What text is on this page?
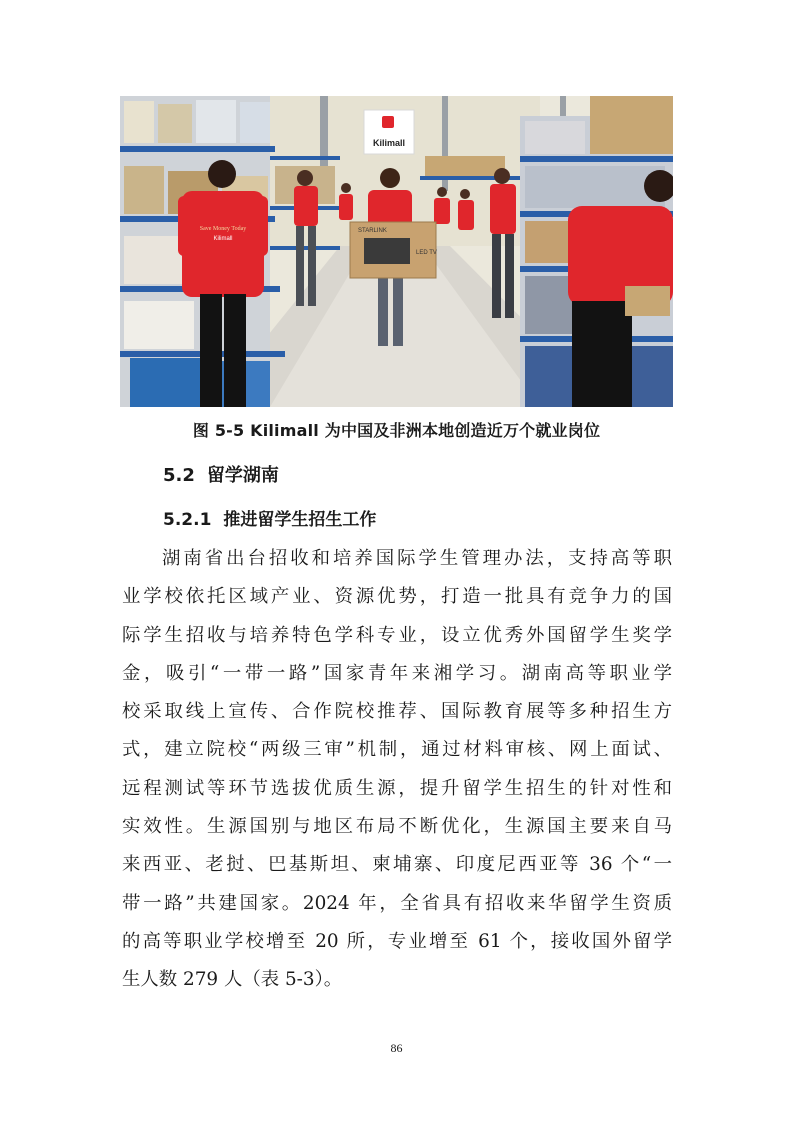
Kilimall
STARLINK
LED TV
Save Money Today
Kilimall
图 5-5 Kilimall 为中国及非洲本地创造近万个就业岗位
5.2 留学湖南
5.2.1 推进留学生招生工作
湖南省出台招收和培养国际学生管理办法，支持高等职
业学校依托区域产业、资源优势，打造一批具有竞争力的国
际学生招收与培养特色学科专业，设立优秀外国留学生奖学
金，吸引“一带一路”国家青年来湘学习。湖南高等职业学
校采取线上宣传、合作院校推荐、国际教育展等多种招生方
式，建立院校“两级三审”机制，通过材料审核、网上面试、
远程测试等环节选拔优质生源，提升留学生招生的针对性和
实效性。生源国别与地区布局不断优化，生源国主要来自马
来西亚、老挝、巴基斯坦、柬埔寨、印度尼西亚等 36 个“一
带一路”共建国家。2024 年，全省具有招收来华留学生资质
的高等职业学校增至 20 所，专业增至 61 个，接收国外留学
生人数 279 人（表 5-3）。
86
